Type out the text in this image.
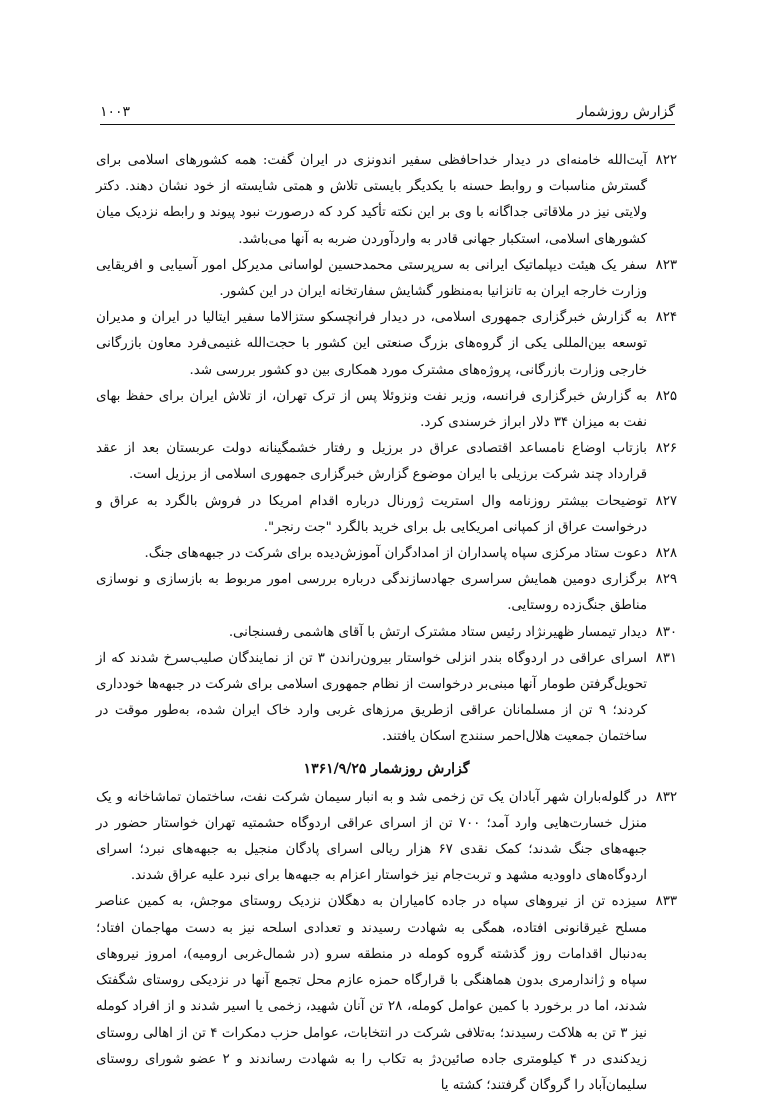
گزارش روزشمار
۱۰۰۳
۸۲۲
آیت‌الله خامنه‌ای در دیدار خداحافظی سفیر اندونزی در ایران گفت: همه کشورهای اسلامی برای گسترش مناسبات و روابط حسنه با یکدیگر بایستی تلاش و همتی شایسته از خود نشان دهند. دکتر ولایتی نیز در ملاقاتی جداگانه با وی بر این نکته تأکید کرد که درصورت نبود پیوند و رابطه نزدیک میان کشورهای اسلامی، استکبار جهانی قادر به واردآوردن ضربه به آنها می‌باشد.
۸۲۳
سفر یک هیئت دیپلماتیک ایرانی به سرپرستی محمدحسین لواسانی مدیرکل امور آسیایی و افریقایی وزارت خارجه ایران به تانزانیا به‌منظور گشایش سفارتخانه ایران در این کشور.
۸۲۴
به گزارش خبرگزاری جمهوری اسلامی، در دیدار فرانچسکو ستزالاما سفیر ایتالیا در ایران و مدیران توسعه بین‌المللی یکی از گروه‌های بزرگ صنعتی این کشور با حجت‌الله غنیمی‌فرد معاون بازرگانی خارجی وزارت بازرگانی، پروژه‌های مشترک مورد همکاری بین دو کشور بررسی شد.
۸۲۵
به گزارش خبرگزاری فرانسه، وزیر نفت ونزوئلا پس از ترک تهران، از تلاش ایران برای حفظ بهای نفت به میزان ۳۴ دلار ابراز خرسندی کرد.
۸۲۶
بازتاب اوضاع نامساعد اقتصادی عراق در برزیل و رفتار خشمگینانه دولت عربستان بعد از عقد قرارداد چند شرکت برزیلی با ایران موضوع گزارش خبرگزاری جمهوری اسلامی از برزیل است.
۸۲۷
توضیحات بیشتر روزنامه وال استریت ژورنال درباره اقدام امریکا در فروش بالگرد به عراق و درخواست عراق از کمپانی امریکایی بل برای خرید بالگرد "جت رنجر".
۸۲۸
دعوت ستاد مرکزی سپاه پاسداران از امدادگران آموزش‌دیده برای شرکت در جبهه‌های جنگ.
۸۲۹
برگزاری دومین همایش سراسری جهادسازندگی درباره بررسی امور مربوط به بازسازی و نوسازی مناطق جنگ‌زده روستایی.
۸۳۰
دیدار تیمسار ظهیرنژاد رئیس ستاد مشترک ارتش با آقای هاشمی رفسنجانی.
۸۳۱
اسرای عراقی در اردوگاه بندر انزلی خواستار بیرون‌راندن ۳ تن از نمایندگان صلیب‌سرخ شدند که از تحویل‌گرفتن طومار آنها مبنی‌بر درخواست از نظام جمهوری اسلامی برای شرکت در جبهه‌ها خودداری کردند؛ ۹ تن از مسلمانان عراقی ازطریق مرزهای غربی وارد خاک ایران شده، به‌طور موقت در ساختمان جمعیت هلال‌احمر سنندج اسکان یافتند.
گزارش روزشمار ۱۳۶۱/۹/۲۵
۸۳۲
در گلوله‌باران شهر آبادان یک تن زخمی شد و به انبار سیمان شرکت نفت، ساختمان تماشاخانه و یک منزل خسارت‌هایی وارد آمد؛ ۷۰۰ تن از اسرای عراقی اردوگاه حشمتیه تهران خواستار حضور در جبهه‌های جنگ شدند؛ کمک نقدی ۶۷ هزار ریالی اسرای پادگان منجیل به جبهه‌های نبرد؛ اسرای اردوگاه‌های داوودیه مشهد و تربت‌جام نیز خواستار اعزام به جبهه‌ها برای نبرد علیه عراق شدند.
۸۳۳
سیزده تن از نیروهای سپاه در جاده کامیاران به دهگلان نزدیک روستای موجش، به کمین عناصر مسلح غیرقانونی افتاده، همگی به شهادت رسیدند و تعدادی اسلحه نیز به دست مهاجمان افتاد؛ به‌دنبال اقدامات روز گذشته گروه کومله در منطقه سرو (در شمال‌غربی ارومیه)، امروز نیروهای سپاه و ژاندارمری بدون هماهنگی با قرارگاه حمزه عازم محل تجمع آنها در نزدیکی روستای شگفتک شدند، اما در برخورد با کمین عوامل کومله، ۲۸ تن آنان شهید، زخمی یا اسیر شدند و از افراد کومله نیز ۳ تن به هلاکت رسیدند؛ به‌تلافی شرکت در انتخابات، عوامل حزب دمکرات ۴ تن از اهالی روستای زیدکندی در ۴ کیلومتری جاده صائین‌دژ به تکاب را به شهادت رساندند و ۲ عضو شورای روستای سلیمان‌آباد را گروگان گرفتند؛ کشته یا
